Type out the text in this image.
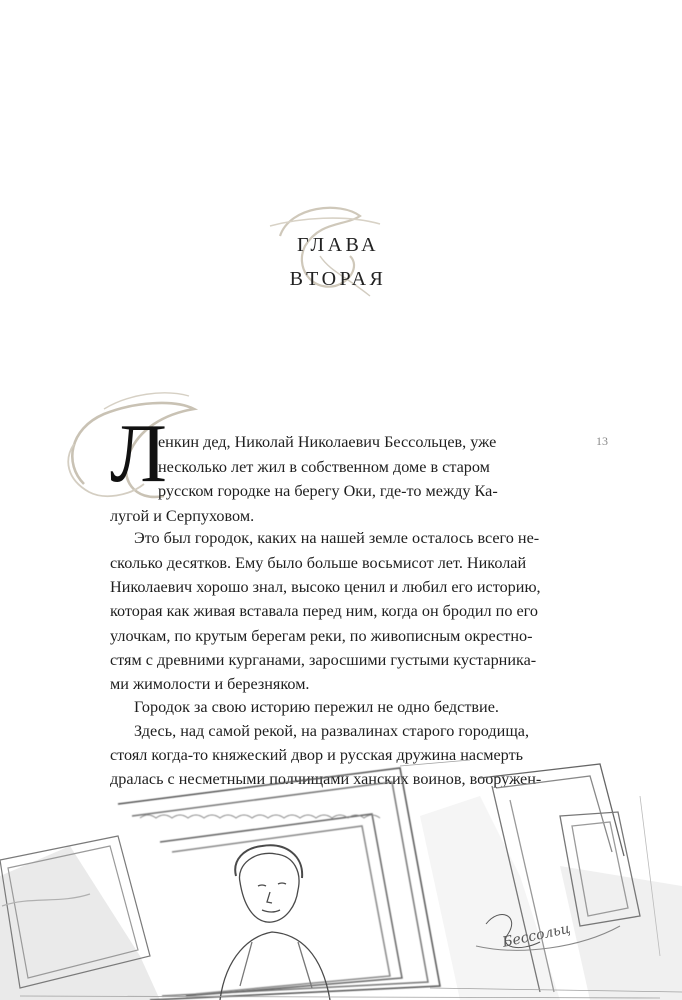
ГЛАВА
ВТОРАЯ
13
Л
енкин дед, Николай Николаевич Бессольцев, уже
несколько лет жил в собственном доме в старом
русском городке на берегу Оки, где-то между Ка-
лугой и Серпуховом.
Это был городок, каких на нашей земле осталось всего не-
сколько десятков. Ему было больше восьмисот лет. Николай
Николаевич хорошо знал, высоко ценил и любил его историю,
которая как живая вставала перед ним, когда он бродил по его
улочкам, по крутым берегам реки, по живописным окрестно-
стям с древними курганами, заросшими густыми кустарника-
ми жимолости и березняком.
Городок за свою историю пережил не одно бедствие.
Здесь, над самой рекой, на развалинах старого городища,
стоял когда-то княжеский двор и русская дружина насмерть
дралась с несметными полчищами ханских воинов, вооружен-
Бессольц
